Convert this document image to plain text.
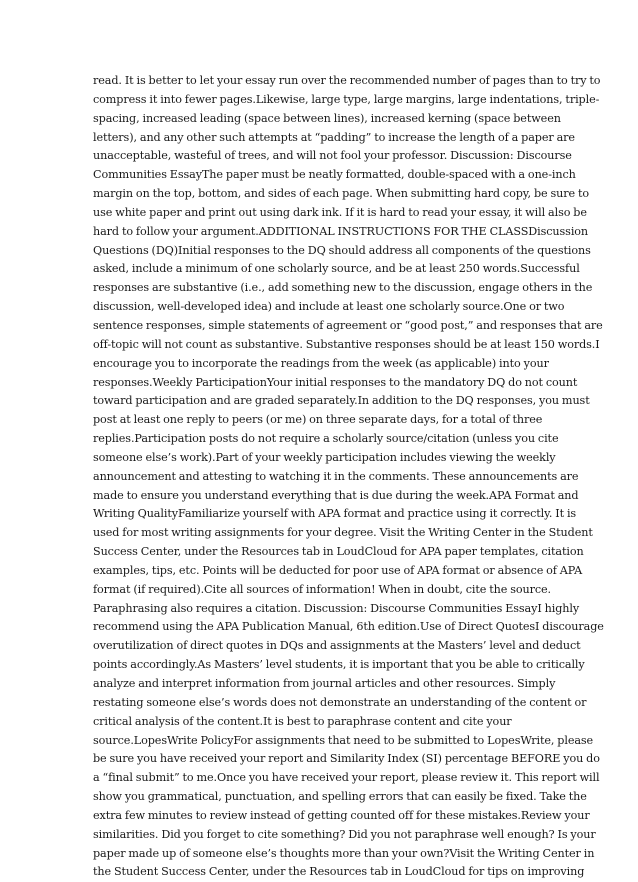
read. It is better to let your essay run over the recommended number of pages than to try to
compress it into fewer pages.Likewise, large type, large margins, large indentations, triple-
spacing, increased leading (space between lines), increased kerning (space between
letters), and any other such attempts at “padding” to increase the length of a paper are
unacceptable, wasteful of trees, and will not fool your professor. Discussion: Discourse
Communities EssayThe paper must be neatly formatted, double-spaced with a one-inch
margin on the top, bottom, and sides of each page. When submitting hard copy, be sure to
use white paper and print out using dark ink. If it is hard to read your essay, it will also be
hard to follow your argument.ADDITIONAL INSTRUCTIONS FOR THE CLASSDiscussion
Questions (DQ)Initial responses to the DQ should address all components of the questions
asked, include a minimum of one scholarly source, and be at least 250 words.Successful
responses are substantive (i.e., add something new to the discussion, engage others in the
discussion, well-developed idea) and include at least one scholarly source.One or two
sentence responses, simple statements of agreement or “good post,” and responses that are
off-topic will not count as substantive. Substantive responses should be at least 150 words.I
encourage you to incorporate the readings from the week (as applicable) into your
responses.Weekly ParticipationYour initial responses to the mandatory DQ do not count
toward participation and are graded separately.In addition to the DQ responses, you must
post at least one reply to peers (or me) on three separate days, for a total of three
replies.Participation posts do not require a scholarly source/citation (unless you cite
someone else’s work).Part of your weekly participation includes viewing the weekly
announcement and attesting to watching it in the comments. These announcements are
made to ensure you understand everything that is due during the week.APA Format and
Writing QualityFamiliarize yourself with APA format and practice using it correctly. It is
used for most writing assignments for your degree. Visit the Writing Center in the Student
Success Center, under the Resources tab in LoudCloud for APA paper templates, citation
examples, tips, etc. Points will be deducted for poor use of APA format or absence of APA
format (if required).Cite all sources of information! When in doubt, cite the source.
Paraphrasing also requires a citation. Discussion: Discourse Communities EssayI highly
recommend using the APA Publication Manual, 6th edition.Use of Direct QuotesI discourage
overutilization of direct quotes in DQs and assignments at the Masters’ level and deduct
points accordingly.As Masters’ level students, it is important that you be able to critically
analyze and interpret information from journal articles and other resources. Simply
restating someone else’s words does not demonstrate an understanding of the content or
critical analysis of the content.It is best to paraphrase content and cite your
source.LopesWrite PolicyFor assignments that need to be submitted to LopesWrite, please
be sure you have received your report and Similarity Index (SI) percentage BEFORE you do
a “final submit” to me.Once you have received your report, please review it. This report will
show you grammatical, punctuation, and spelling errors that can easily be fixed. Take the
extra few minutes to review instead of getting counted off for these mistakes.Review your
similarities. Did you forget to cite something? Did you not paraphrase well enough? Is your
paper made up of someone else’s thoughts more than your own?Visit the Writing Center in
the Student Success Center, under the Resources tab in LoudCloud for tips on improving
